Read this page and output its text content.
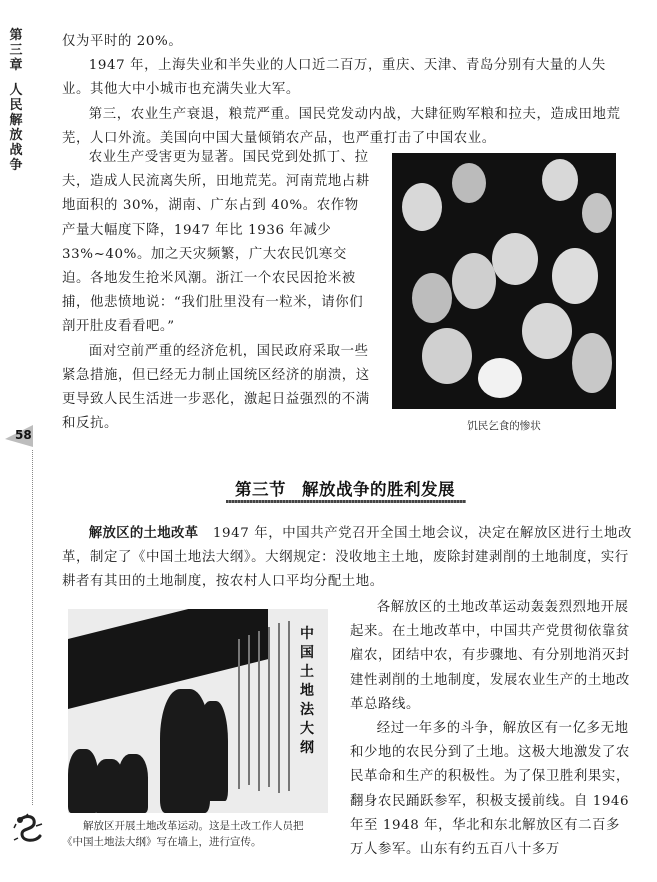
第
三
章
人
民
解
放
战
争
58

仅为平时的 20%。

1947 年，上海失业和半失业的人口近二百万，重庆、天津、青岛分别有大量的人失业。其他大中小城市也充满失业大军。

第三，农业生产衰退，粮荒严重。国民党发动内战，大肆征购军粮和拉夫，造成田地荒芜，人口外流。美国向中国大量倾销农产品，也严重打击了中国农业。

农业生产受害更为显著。国民党到处抓丁、拉夫，造成人民流离失所，田地荒芜。河南荒地占耕地面积的 30%，湖南、广东占到 40%。农作物产量大幅度下降，1947 年比 1936 年减少 33%~40%。加之天灾频繁，广大农民饥寒交迫。各地发生抢米风潮。浙江一个农民因抢米被捕，他悲愤地说：“我们肚里没有一粒米，请你们剖开肚皮看看吧。”

面对空前严重的经济危机，国民政府采取一些紧急措施，但已经无力制止国统区经济的崩溃，这更导致人民生活进一步恶化，激起日益强烈的不满和反抗。	饥民乞食的惨状
第三节 解放战争的胜利发展

解放区的土地改革 1947 年，中国共产党召开全国土地会议，决定在解放区进行土地改革，制定了《中国土地法大纲》。大纲规定：没收地主土地，废除封建剥削的土地制度，实行耕者有其田的土地制度，按农村人口平均分配土地。

中
国
土
地
法
大
纲

解放区开展土地改革运动。这是土改工作人员把

《中国土地法大纲》写在墙上，进行宣传。

各解放区的土地改革运动轰轰烈烈地开展起来。在土地改革中，中国共产党贯彻依靠贫雇农，团结中农，有步骤地、有分别地消灭封建性剥削的土地制度，发展农业生产的土地改革总路线。

经过一年多的斗争，解放区有一亿多无地和少地的农民分到了土地。这极大地激发了农民革命和生产的积极性。为了保卫胜利果实，翻身农民踊跃参军，积极支援前线。自 1946 年至 1948 年，华北和东北解放区有二百多万人参军。山东有约五百八十多万
